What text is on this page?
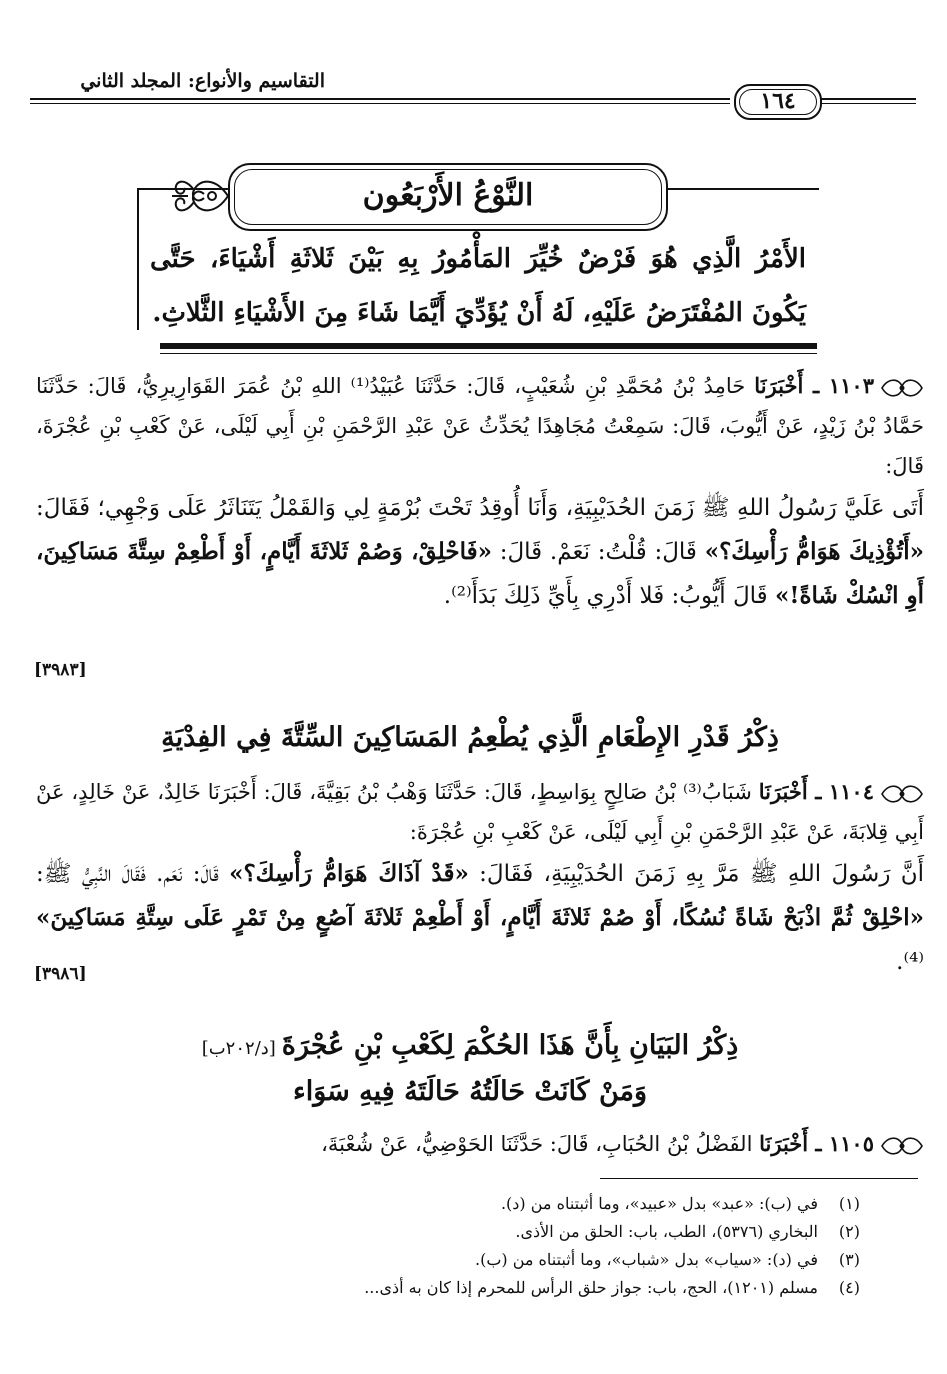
التقاسيم والأنواع: المجلد الثاني
١٦٤
النَّوْعُ الأَرْبَعُون
الأَمْرُ الَّذِي هُوَ فَرْضٌ خُيِّرَ المَأْمُورُ بِهِ بَيْنَ ثَلاثَةِ أَشْيَاءَ، حَتَّى يَكُونَ المُفْتَرَضُ عَلَيْهِ، لَهُ أَنْ يُؤَدِّيَ أَيَّمَا شَاءَ مِنَ الأَشْيَاءِ الثَّلاثِ.
١١٠٣ ـ أَخْبَرَنَا حَامِدُ بْنُ مُحَمَّدِ بْنِ شُعَيْبٍ، قَالَ: حَدَّثَنَا عُبَيْدُ⁽¹⁾ اللهِ بْنُ عُمَرَ القَوَارِيرِيُّ، قَالَ: حَدَّثَنَا حَمَّادُ بْنُ زَيْدٍ، عَنْ أَيُّوبَ، قَالَ: سَمِعْتُ مُجَاهِدًا يُحَدِّثُ عَنْ عَبْدِ الرَّحْمَنِ بْنِ أَبِي لَيْلَى، عَنْ كَعْبِ بْنِ عُجْرَةَ، قَالَ:
أَتَى عَلَيَّ رَسُولُ اللهِ ﷺ زَمَنَ الحُدَيْبِيَةِ، وَأَنَا أُوقِدُ تَحْتَ بُرْمَةٍ لِي وَالقَمْلُ يَتَنَاثَرُ عَلَى وَجْهِي؛ فَقَالَ: «أَتُؤْذِيكَ هَوَامُّ رَأْسِكَ؟» قَالَ: قُلْتُ: نَعَمْ. قَالَ: «فَاحْلِقْ، وَصُمْ ثَلاثَةَ أَيَّامٍ، أَوْ أَطْعِمْ سِتَّةَ مَسَاكِينَ، أَوِ انْسُكْ شَاةً!» قَالَ أَيُّوبُ: فَلا أَدْرِي بِأَيِّ ذَلِكَ بَدَأَ⁽²⁾.
[٣٩٨٣]
ذِكْرُ قَدْرِ الإِطْعَامِ الَّذِي يُطْعِمُ المَسَاكِينَ السِّتَّةَ فِي الفِدْيَةِ
١١٠٤ ـ أَخْبَرَنَا شَبَابُ⁽³⁾ بْنُ صَالِحٍ بِوَاسِطٍ، قَالَ: حَدَّثَنَا وَهْبُ بْنُ بَقِيَّةَ، قَالَ: أَخْبَرَنَا خَالِدٌ، عَنْ خَالِدٍ، عَنْ أَبِي قِلابَةَ، عَنْ عَبْدِ الرَّحْمَنِ بْنِ أَبِي لَيْلَى، عَنْ كَعْبِ بْنِ عُجْرَةَ:
أَنَّ رَسُولَ اللهِ ﷺ مَرَّ بِهِ زَمَنَ الحُدَيْبِيَةِ، فَقَالَ: «قَدْ آذَاكَ هَوَامُّ رَأْسِكَ؟» قَالَ: نَعَم. فَقَالَ النَّبِيُّ ﷺ: «احْلِقْ ثُمَّ اذْبَحْ شَاةً نُسُكًا، أَوْ صُمْ ثَلاثَةَ أَيَّامٍ، أَوْ أَطْعِمْ ثَلاثَةَ آصُعٍ مِنْ تَمْرٍ عَلَى سِتَّةِ مَسَاكِينَ» ⁽⁴⁾.
[٣٩٨٦]
ذِكْرُ البَيَانِ بِأَنَّ هَذَا الحُكْمَ لِكَعْبِ بْنِ عُجْرَةَ[د/٢٠٢ب]
وَمَنْ كَانَتْ حَالَتُهُ حَالَتَهُ فِيهِ سَوَاء
١١٠٥ ـ أَخْبَرَنَا الفَضْلُ بْنُ الحُبَابِ، قَالَ: حَدَّثَنَا الحَوْضِيُّ، عَنْ شُعْبَةَ،
(١)
في (ب): «عبد» بدل «عبيد»، وما أثبتناه من (د).
(٢)
البخاري (٥٣٧٦)، الطب، باب: الحلق من الأذى.
(٣)
في (د): «سياب» بدل «شباب»، وما أثبتناه من (ب).
(٤)
مسلم (١٢٠١)، الحج، باب: جواز حلق الرأس للمحرم إذا كان به أذى...
